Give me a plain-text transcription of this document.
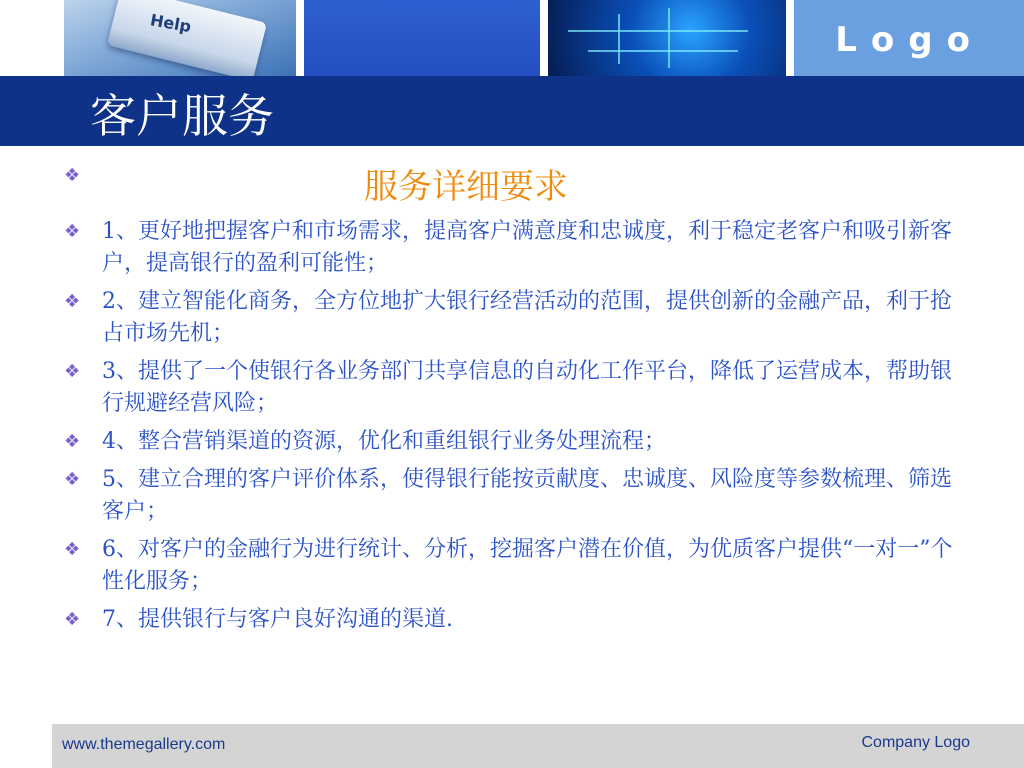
Help	Logo
客户服务
❖	服务详细要求
❖ 1、更好地把握客户和市场需求，提高客户满意度和忠诚度，利于稳定老客户和吸引新客户，提高银行的盈利可能性；
❖ 2、建立智能化商务，全方位地扩大银行经营活动的范围，提供创新的金融产品，利于抢占市场先机；
❖ 3、提供了一个使银行各业务部门共享信息的自动化工作平台，降低了运营成本，帮助银行规避经营风险；
❖ 4、整合营销渠道的资源，优化和重组银行业务处理流程；
❖ 5、建立合理的客户评价体系，使得银行能按贡献度、忠诚度、风险度等参数梳理、筛选客户；
❖ 6、对客户的金融行为进行统计、分析，挖掘客户潜在价值，为优质客户提供“一对一”个性化服务；
❖ 7、提供银行与客户良好沟通的渠道.
www.themegallery.com	Company Logo
